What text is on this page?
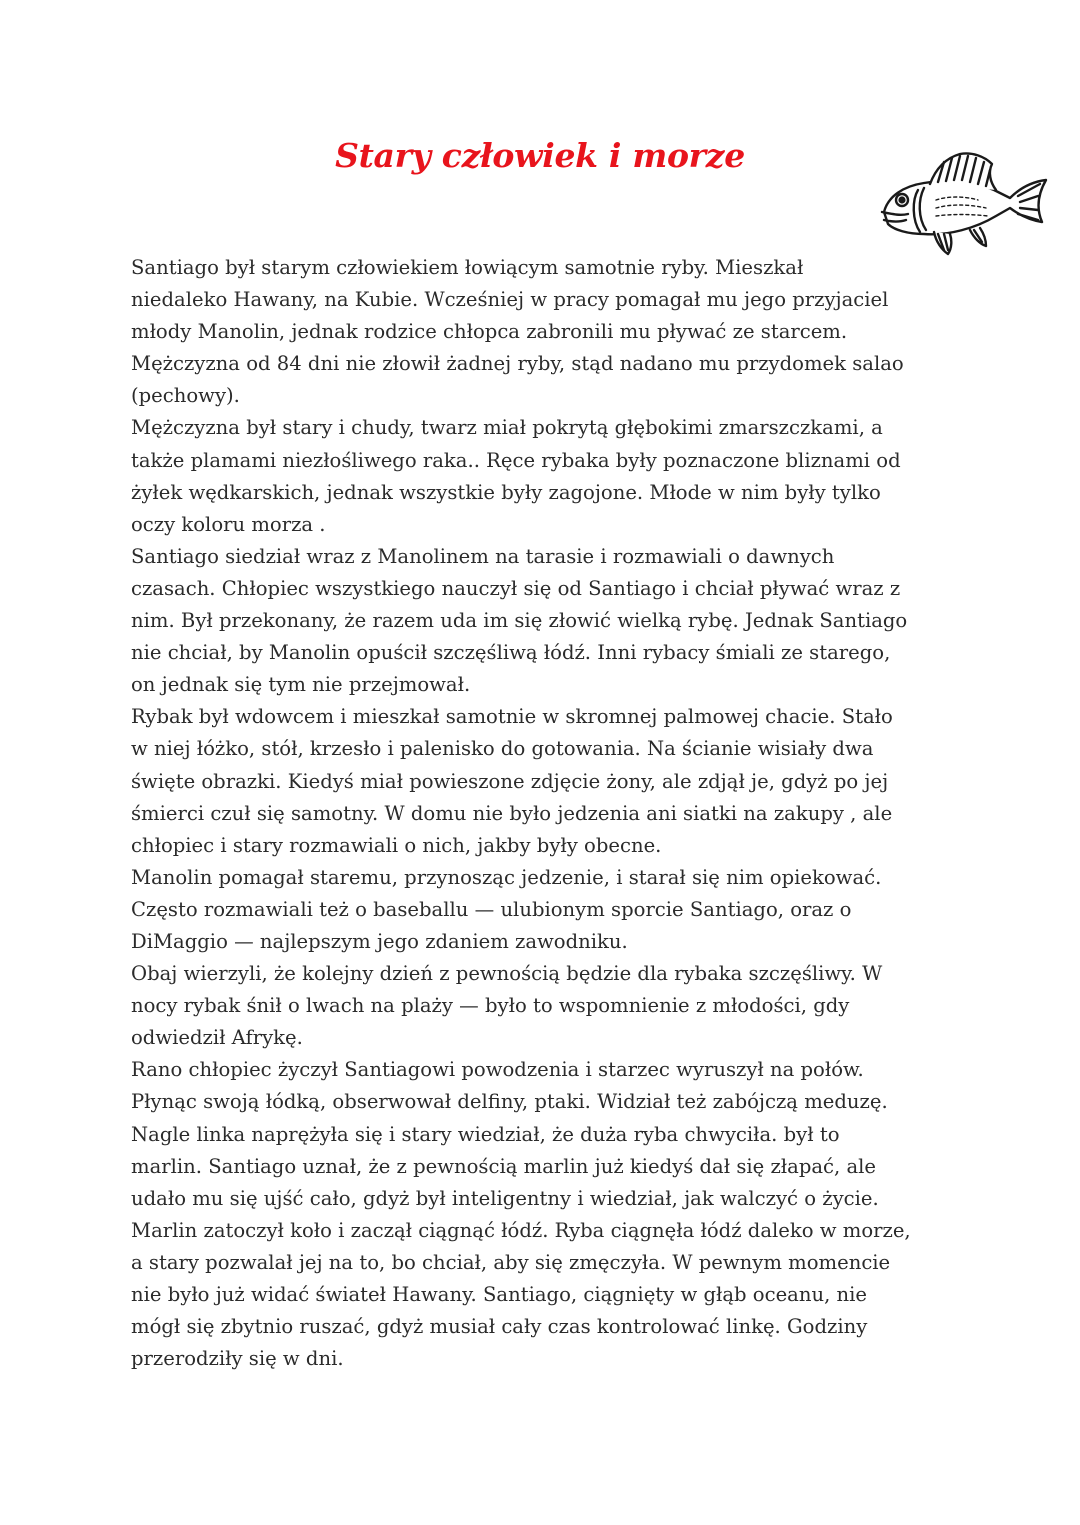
Stary człowiek i morze
Santiago był starym człowiekiem łowiącym samotnie ryby. Mieszkał
niedaleko Hawany, na Kubie. Wcześniej w pracy pomagał mu jego przyjaciel
młody Manolin, jednak rodzice chłopca zabronili mu pływać ze starcem.
Mężczyzna od 84 dni nie złowił żadnej ryby, stąd nadano mu przydomek salao
(pechowy).
Mężczyzna był stary i chudy, twarz miał pokrytą głębokimi zmarszczkami, a
także plamami niezłośliwego raka.. Ręce rybaka były poznaczone bliznami od
żyłek wędkarskich, jednak wszystkie były zagojone. Młode w nim były tylko
oczy koloru morza .
Santiago siedział wraz z Manolinem na tarasie i rozmawiali o dawnych
czasach. Chłopiec wszystkiego nauczył się od Santiago i chciał pływać wraz z
nim. Był przekonany, że razem uda im się złowić wielką rybę. Jednak Santiago
nie chciał, by Manolin opuścił szczęśliwą łódź. Inni rybacy śmiali ze starego,
on jednak się tym nie przejmował.
Rybak był wdowcem i mieszkał samotnie w skromnej palmowej chacie. Stało
w niej łóżko, stół, krzesło i palenisko do gotowania. Na ścianie wisiały dwa
święte obrazki. Kiedyś miał powieszone zdjęcie żony, ale zdjął je, gdyż po jej
śmierci czuł się samotny. W domu nie było jedzenia ani siatki na zakupy , ale
chłopiec i stary rozmawiali o nich, jakby były obecne.
Manolin pomagał staremu, przynosząc jedzenie, i starał się nim opiekować.
Często rozmawiali też o baseballu — ulubionym sporcie Santiago, oraz o
DiMaggio — najlepszym jego zdaniem zawodniku.
Obaj wierzyli, że kolejny dzień z pewnością będzie dla rybaka szczęśliwy. W
nocy rybak śnił o lwach na plaży — było to wspomnienie z młodości, gdy
odwiedził Afrykę.
Rano chłopiec życzył Santiagowi powodzenia i starzec wyruszył na połów.
Płynąc swoją łódką, obserwował delfiny, ptaki. Widział też zabójczą meduzę.
Nagle linka naprężyła się i stary wiedział, że duża ryba chwyciła. był to
marlin. Santiago uznał, że z pewnością marlin już kiedyś dał się złapać, ale
udało mu się ujść cało, gdyż był inteligentny i wiedział, jak walczyć o życie.
Marlin zatoczył koło i zaczął ciągnąć łódź. Ryba ciągnęła łódź daleko w morze,
a stary pozwalał jej na to, bo chciał, aby się zmęczyła. W pewnym momencie
nie było już widać świateł Hawany. Santiago, ciągnięty w głąb oceanu, nie
mógł się zbytnio ruszać, gdyż musiał cały czas kontrolować linkę. Godziny
przerodziły się w dni.
